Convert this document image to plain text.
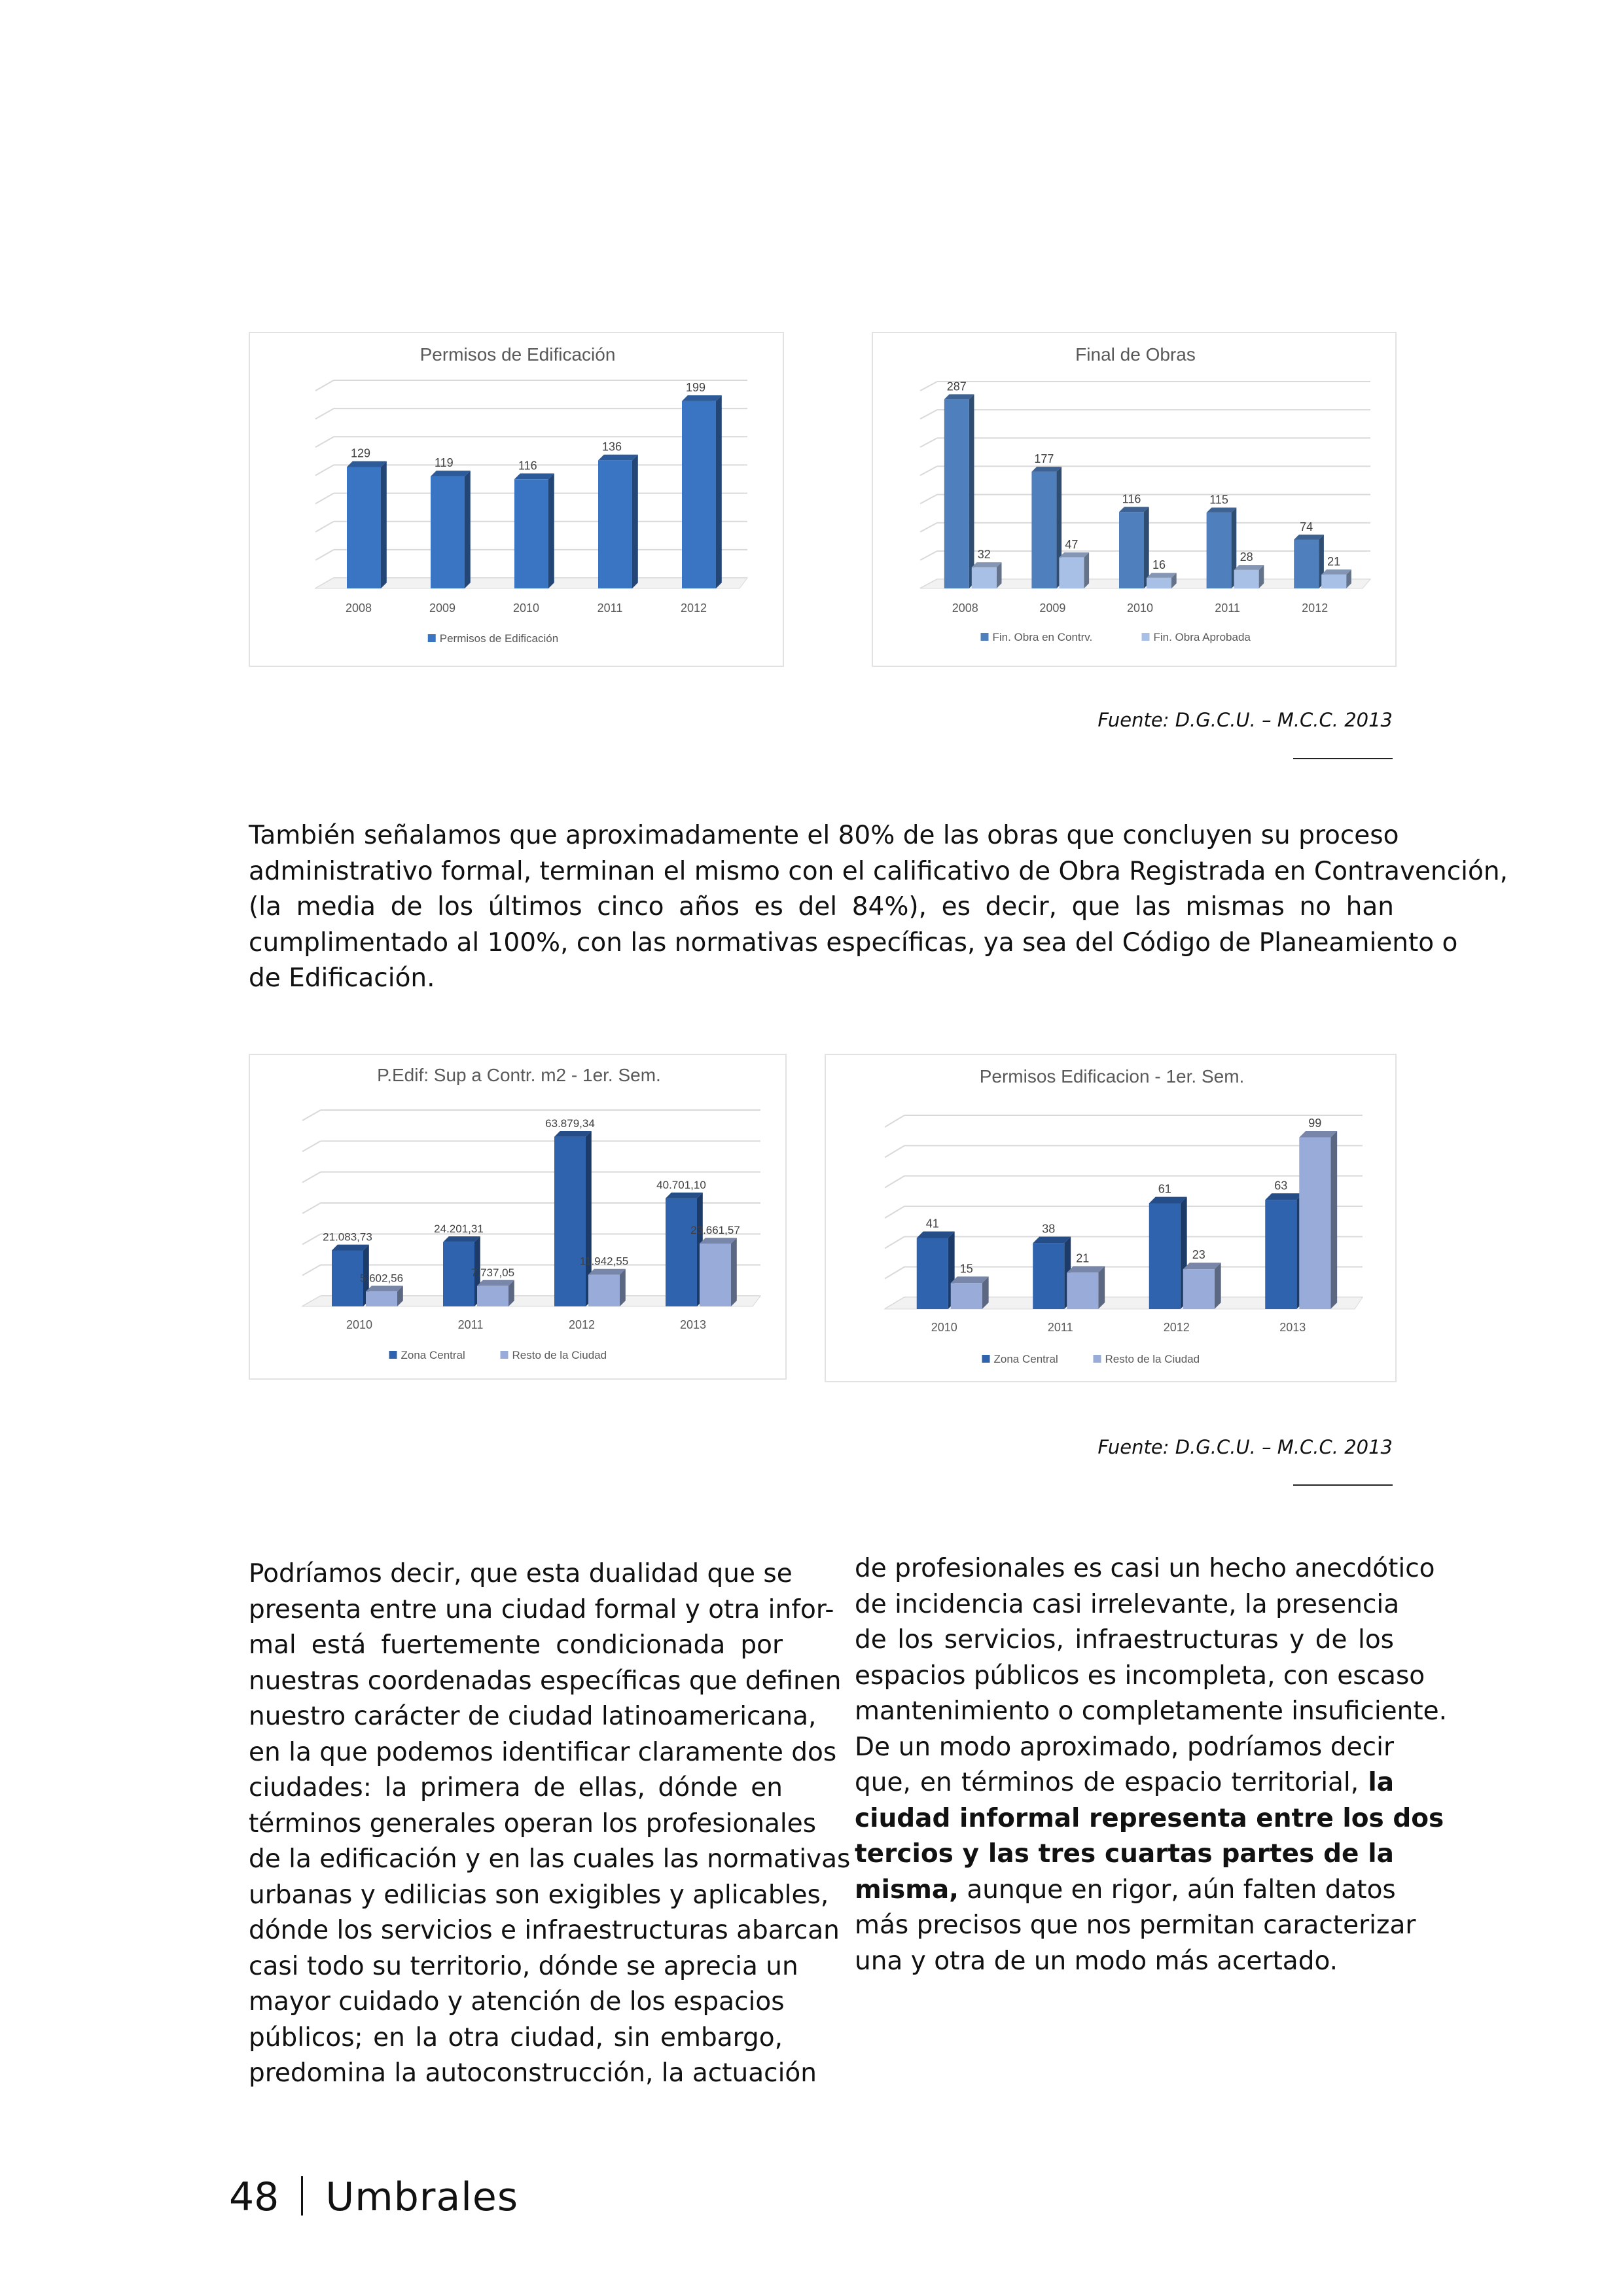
Permisos de Edificación
129
2008
119
2009
116
2010
136
2011
199
2012
Permisos de Edificación
Final de Obras
287
32
2008
177
47
2009
116
16
2010
115
28
2011
74
21
2012
Fin. Obra en Contrv.	Fin. Obra Aprobada
Fuente: D.G.C.U. – M.C.C. 2013
También señalamos que aproximadamente el 80% de las obras que concluyen su proceso
administrativo formal, terminan el mismo con el calificativo de Obra Registrada en Contravención,
(la media de los últimos cinco años es del 84%), es decir, que las mismas no han
cumplimentado al 100%, con las normativas específicas, ya sea del Código de Planeamiento o
de Edificación.
P.Edif: Sup a Contr. m2 - 1er. Sem.
21.083,73
5.602,56
2010
24.201,31
7.737,05
2011
63.879,34
11.942,55
2012
40.701,10
23.661,57
2013
Zona Central	Resto de la Ciudad
Permisos Edificacion - 1er. Sem.
41
15
2010
38
21
2011
61
23
2012
63
99
2013
Zona Central	Resto de la Ciudad
Fuente: D.G.C.U. – M.C.C. 2013
Podríamos decir, que esta dualidad que se
presenta entre una ciudad formal y otra infor-
mal está fuertemente condicionada por
nuestras coordenadas específicas que definen
nuestro carácter de ciudad latinoamericana,
en la que podemos identificar claramente dos
ciudades: la primera de ellas, dónde en
términos generales operan los profesionales
de la edificación y en las cuales las normativas
urbanas y edilicias son exigibles y aplicables,
dónde los servicios e infraestructuras abarcan
casi todo su territorio, dónde se aprecia un
mayor cuidado y atención de los espacios
públicos; en la otra ciudad, sin embargo,
predomina la autoconstrucción, la actuación
de profesionales es casi un hecho anecdótico
de incidencia casi irrelevante, la presencia
de los servicios, infraestructuras y de los
espacios públicos es incompleta, con escaso
mantenimiento o completamente insuficiente.
De un modo aproximado, podríamos decir
que, en términos de espacio territorial, la
ciudad informal representa entre los dos
tercios y las tres cuartas partes de la
misma, aunque en rigor, aún falten datos
más precisos que nos permitan caracterizar
una y otra de un modo más acertado.
48 Umbrales
